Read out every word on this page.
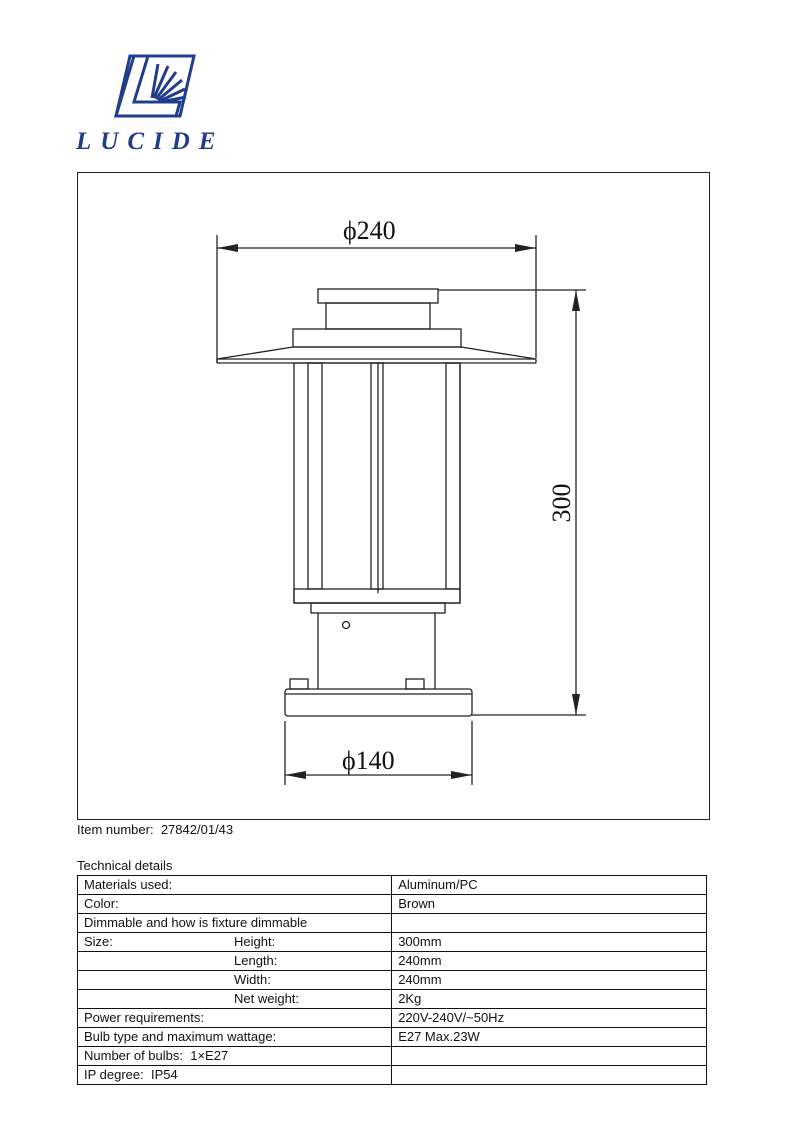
LUCIDE
ϕ240
300
ϕ140
Item number: 27842/01/43
Technical details
Materials used:	Aluminum/PC
Color:	Brown
Dimmable and how is fixture dimmable	
Size: Height:	300mm
Length:	240mm
Width:	240mm
Net weight:	2Kg
Power requirements:	220V-240V/~50Hz
Bulb type and maximum wattage:	E27 Max.23W
Number of bulbs: 1×E27	
IP degree: IP54	
